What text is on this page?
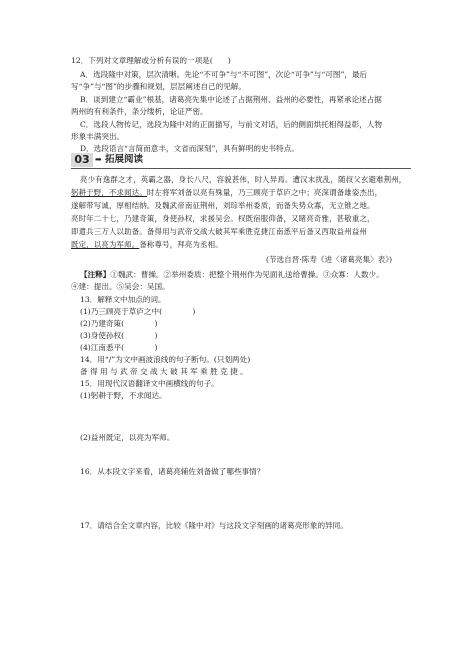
12．下列对文章理解或分析有误的一项是(　　)
A．选段隆中对策，层次清晰。先论“不可争”与“不可图”，次论“可争”与“可图”，最后
写“争”与“图”的步骤和规划，层层阐述自己的见解。
B．谈到建立“霸业”根基，诸葛亮先集中论述了占据荆州、益州的必要性，再紧承论述占据
两州的有利条件，条分缕析，论证严密。
C．选段人物传记，选段为隆中对的正面描写，与前文对话，后的侧面烘托相得益彰，人物
形象丰满突出。
D．选段语言“言简而意丰，文省而深刻”，具有鲜明的史书特点。
03 ➡ 拓展阅读
亮少有逸群之才，英霸之器，身长八尺，容貌甚伟，时人异焉。遭汉末扰乱，随叔父玄避难荆州，
躬耕于野，不求闻达。时左将军刘备以亮有殊量，乃三顾亮于草庐之中；亮深谓备雄姿杰出，
遂解带写诚，厚相结纳。及魏武帝南征荆州，刘琮举州委质，而备失势众寡，无立锥之地。
亮时年二十七，乃建奇策，身使孙权，求援吴会。权既宿服仰备，又睹亮奇雅，甚敬重之，
即遣兵三万人以助备。备得用与武帝交战大破其军乘胜克捷江南悉平后备又西取益州益州
既定，以亮为军师。备称尊号，拜亮为丞相。
(节选自晋·陈寿《进〈诸葛亮集〉表》)
【注释】①魏武：曹操。②举州委质：把整个荆州作为见面礼送给曹操。③众寡：人数少。
④建：提出。⑤吴会：吴国。
13．解释文中加点的词。
(1)乃三顾亮于草庐之中(　　　　)
(2)乃建奇策(　　　　)
(3)身使孙权(　　　　)
(4)江南悉平(　　　　)
14．用“/”为文中画波浪线的句子断句。(只划两处)
备 得 用 与 武 帝 交 战 大 破 其 军 乘 胜 克 捷 。
15．用现代汉语翻译文中画横线的句子。
(1)躬耕于野，不求闻达。
(2)益州既定，以亮为军师。
16．从本段文字来看，诸葛亮辅佐刘备做了哪些事情？
17．请结合全文章内容，比较《隆中对》与这段文字刻画的诸葛亮形象的异同。
